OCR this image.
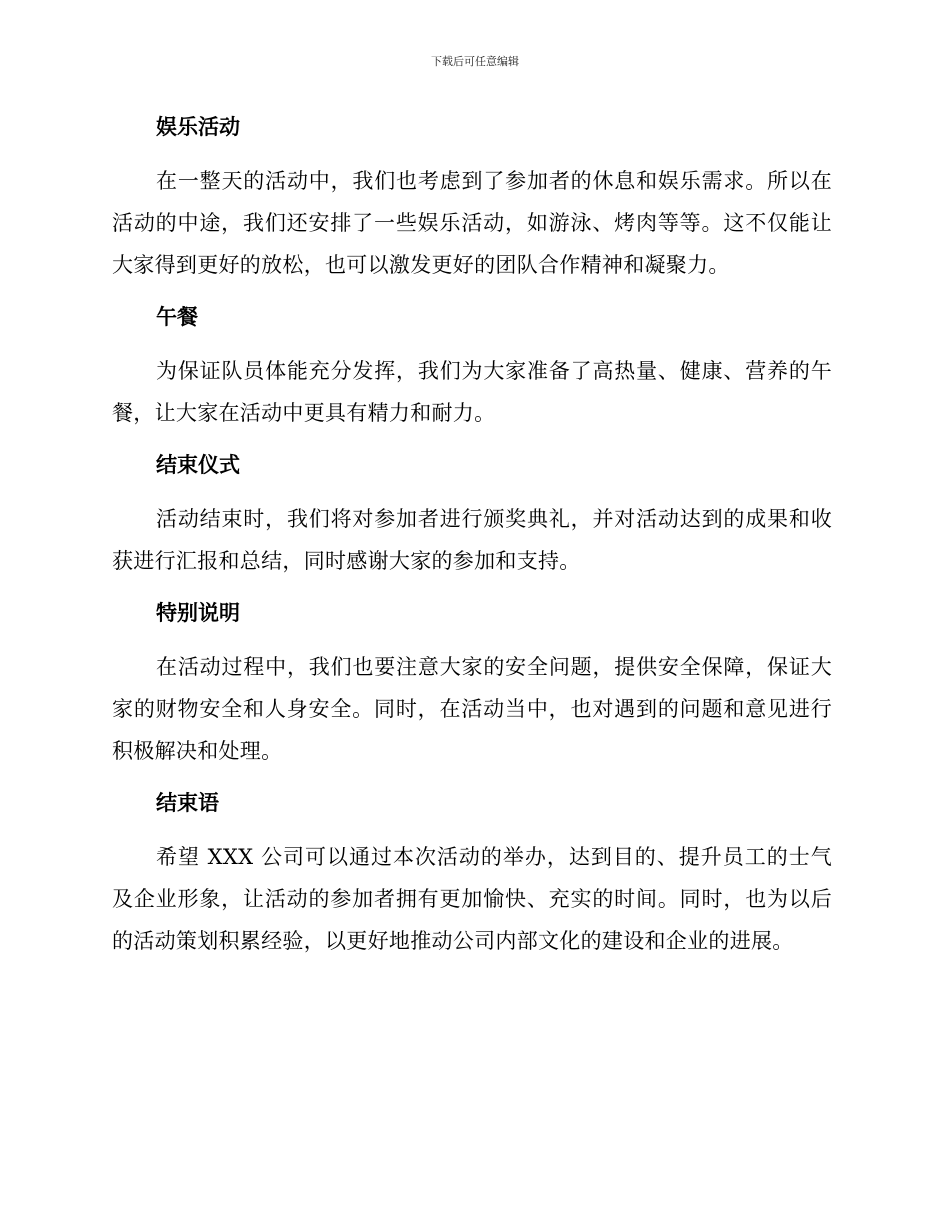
下载后可任意编辑
娱乐活动

在一整天的活动中，我们也考虑到了参加者的休息和娱乐需求。所以在活动的中途，我们还安排了一些娱乐活动，如游泳、烤肉等等。这不仅能让大家得到更好的放松，也可以激发更好的团队合作精神和凝聚力。

午餐

为保证队员体能充分发挥，我们为大家准备了高热量、健康、营养的午餐，让大家在活动中更具有精力和耐力。

结束仪式

活动结束时，我们将对参加者进行颁奖典礼，并对活动达到的成果和收获进行汇报和总结，同时感谢大家的参加和支持。

特别说明

在活动过程中，我们也要注意大家的安全问题，提供安全保障，保证大家的财物安全和人身安全。同时，在活动当中，也对遇到的问题和意见进行积极解决和处理。

结束语

希望 XXX 公司可以通过本次活动的举办，达到目的、提升员工的士气及企业形象，让活动的参加者拥有更加愉快、充实的时间。同时，也为以后的活动策划积累经验，以更好地推动公司内部文化的建设和企业的进展。
